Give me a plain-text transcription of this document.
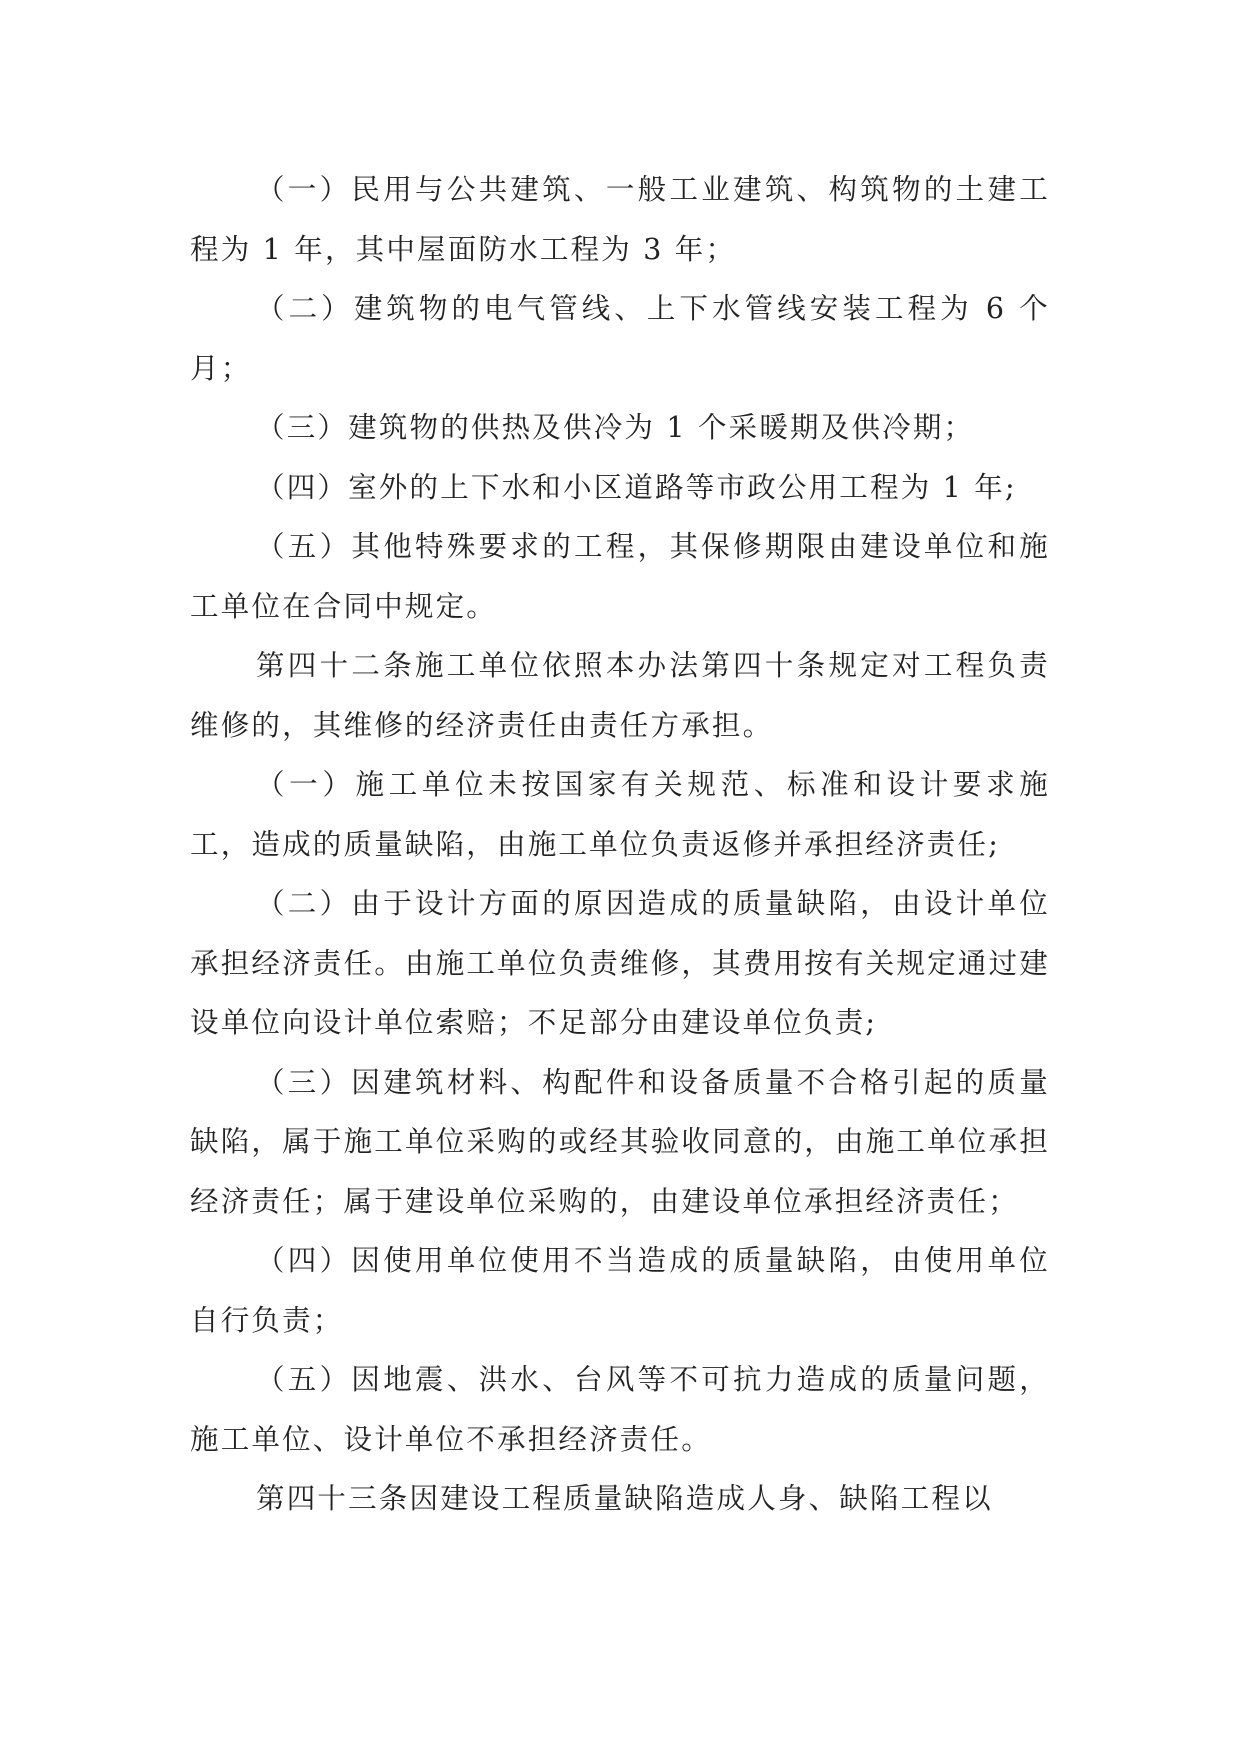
（一）民用与公共建筑、一般工业建筑、构筑物的土建工程为 1 年，其中屋面防水工程为 3 年；

（二）建筑物的电气管线、上下水管线安装工程为 6 个月；

（三）建筑物的供热及供冷为 1 个采暖期及供冷期；

（四）室外的上下水和小区道路等市政公用工程为 1 年;

（五）其他特殊要求的工程，其保修期限由建设单位和施工单位在合同中规定。

第四十二条施工单位依照本办法第四十条规定对工程负责维修的，其维修的经济责任由责任方承担。

（一）施工单位未按国家有关规范、标准和设计要求施工，造成的质量缺陷，由施工单位负责返修并承担经济责任;

（二）由于设计方面的原因造成的质量缺陷，由设计单位承担经济责任。由施工单位负责维修，其费用按有关规定通过建设单位向设计单位索赔；不足部分由建设单位负责;

（三）因建筑材料、构配件和设备质量不合格引起的质量缺陷，属于施工单位采购的或经其验收同意的，由施工单位承担经济责任；属于建设单位采购的，由建设单位承担经济责任；

（四）因使用单位使用不当造成的质量缺陷，由使用单位自行负责；

（五）因地震、洪水、台风等不可抗力造成的质量问题，施工单位、设计单位不承担经济责任。

第四十三条因建设工程质量缺陷造成人身、缺陷工程以
